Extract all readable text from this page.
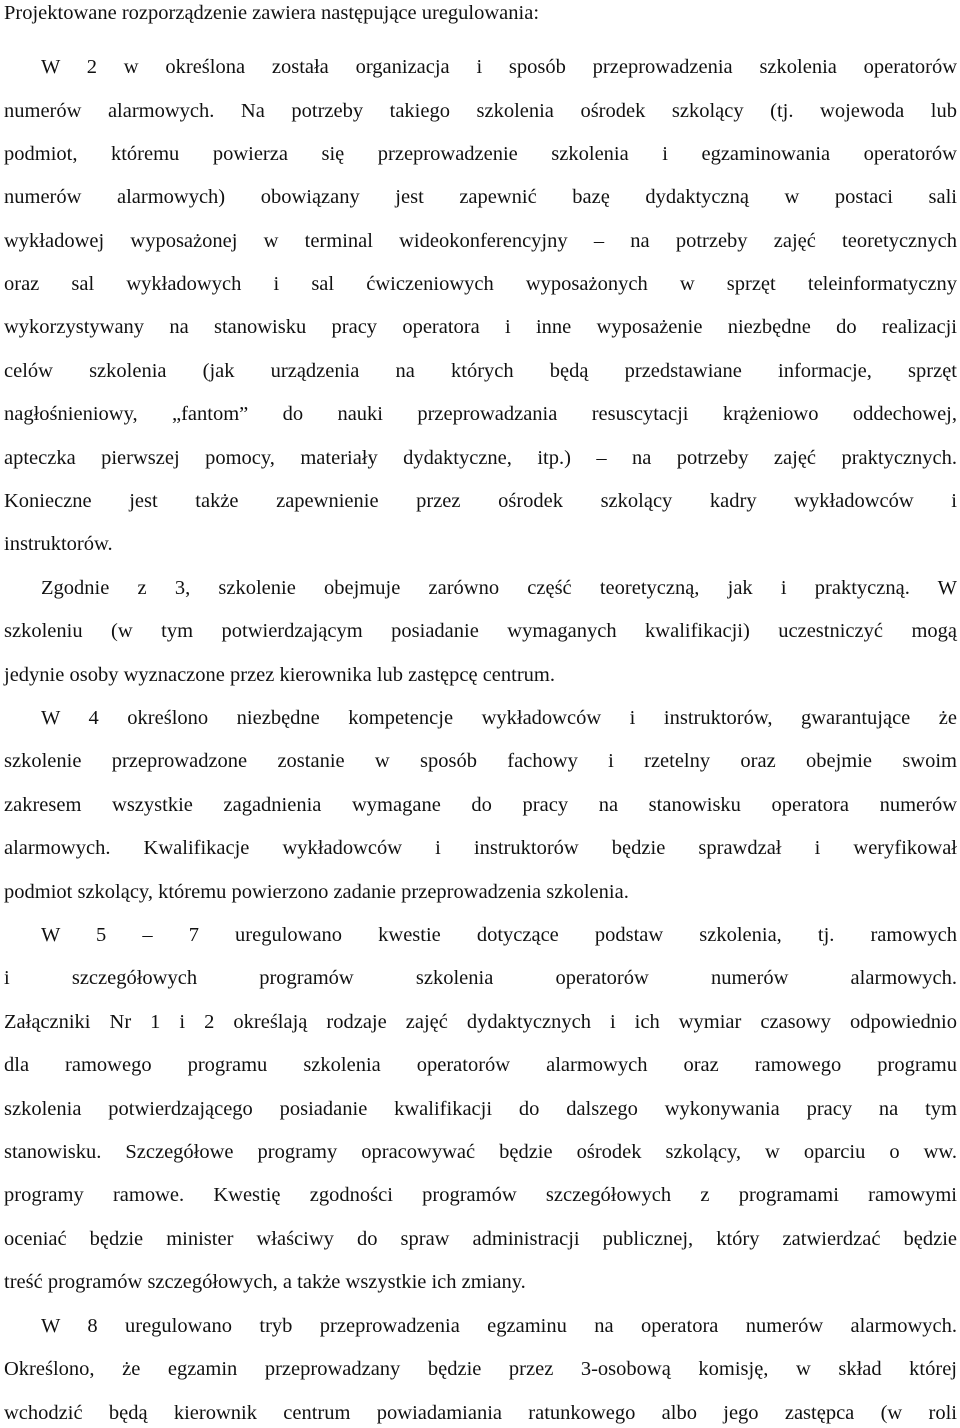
Projektowane rozporządzenie zawiera następujące uregulowania:
W 2 w określona została organizacja i sposób przeprowadzenia szkolenia operatorów
numerów alarmowych. Na potrzeby takiego szkolenia ośrodek szkolący (tj. wojewoda lub
podmiot, któremu powierza się przeprowadzenie szkolenia i egzaminowania operatorów
numerów alarmowych) obowiązany jest zapewnić bazę dydaktyczną w postaci sali
wykładowej wyposażonej w terminal wideokonferencyjny – na potrzeby zajęć teoretycznych
oraz sal wykładowych i sal ćwiczeniowych wyposażonych w sprzęt teleinformatyczny
wykorzystywany na stanowisku pracy operatora i inne wyposażenie niezbędne do realizacji
celów szkolenia (jak urządzenia na których będą przedstawiane informacje, sprzęt
nagłośnieniowy, „fantom” do nauki przeprowadzania resuscytacji krążeniowo oddechowej,
apteczka pierwszej pomocy, materiały dydaktyczne, itp.) – na potrzeby zajęć praktycznych.
Konieczne jest także zapewnienie przez ośrodek szkolący kadry wykładowców i
instruktorów.
Zgodnie z 3, szkolenie obejmuje zarówno część teoretyczną, jak i praktyczną. W
szkoleniu (w tym potwierdzającym posiadanie wymaganych kwalifikacji) uczestniczyć mogą
jedynie osoby wyznaczone przez kierownika lub zastępcę centrum.
W 4 określono niezbędne kompetencje wykładowców i instruktorów, gwarantujące że
szkolenie przeprowadzone zostanie w sposób fachowy i rzetelny oraz obejmie swoim
zakresem wszystkie zagadnienia wymagane do pracy na stanowisku operatora numerów
alarmowych. Kwalifikacje wykładowców i instruktorów będzie sprawdzał i weryfikował
podmiot szkolący, któremu powierzono zadanie przeprowadzenia szkolenia.
W 5 – 7 uregulowano kwestie dotyczące podstaw szkolenia, tj. ramowych
i szczegółowych programów szkolenia operatorów numerów alarmowych.
Załączniki Nr 1 i 2 określają rodzaje zajęć dydaktycznych i ich wymiar czasowy odpowiednio
dla ramowego programu szkolenia operatorów alarmowych oraz ramowego programu
szkolenia potwierdzającego posiadanie kwalifikacji do dalszego wykonywania pracy na tym
stanowisku. Szczegółowe programy opracowywać będzie ośrodek szkolący, w oparciu o ww.
programy ramowe. Kwestię zgodności programów szczegółowych z programami ramowymi
oceniać będzie minister właściwy do spraw administracji publicznej, który zatwierdzać będzie
treść programów szczegółowych, a także wszystkie ich zmiany.
W 8 uregulowano tryb przeprowadzenia egzaminu na operatora numerów alarmowych.
Określono, że egzamin przeprowadzany będzie przez 3-osobową komisję, w skład której
wchodzić będą kierownik centrum powiadamiania ratunkowego albo jego zastępca (w roli
